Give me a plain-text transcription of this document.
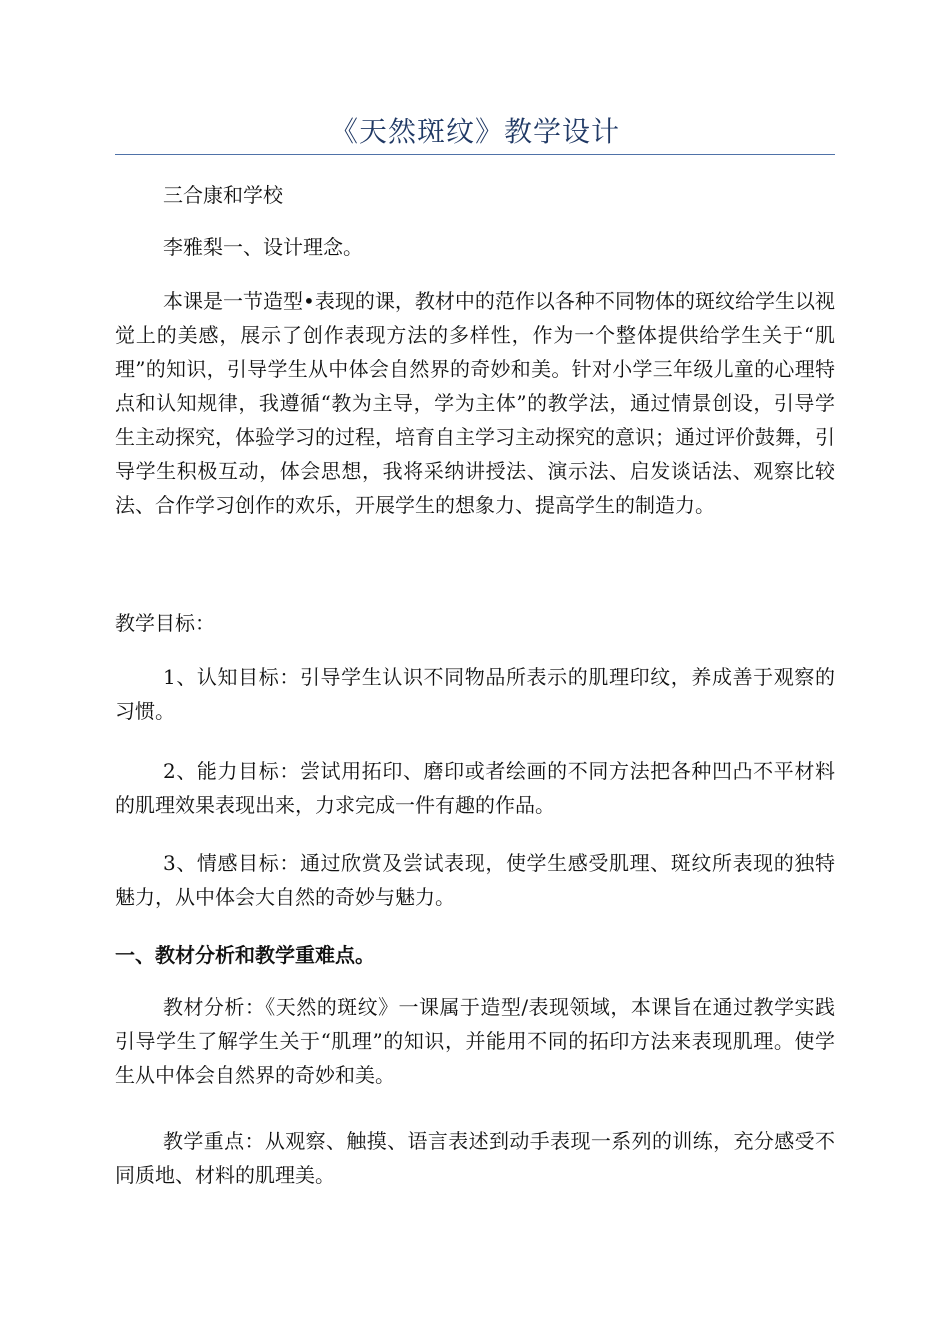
《天然斑纹》教学设计

三合康和学校

李雅梨一、设计理念。

本课是一节造型•表现的课，教材中的范作以各种不同物体的斑纹给学生以视觉上的美感，展示了创作表现方法的多样性，作为一个整体提供给学生关于“肌理”的知识，引导学生从中体会自然界的奇妙和美。针对小学三年级儿童的心理特点和认知规律，我遵循“教为主导，学为主体”的教学法，通过情景创设，引导学生主动探究，体验学习的过程，培育自主学习主动探究的意识；通过评价鼓舞，引导学生积极互动，体会思想，我将采纳讲授法、演示法、启发谈话法、观察比较法、合作学习创作的欢乐，开展学生的想象力、提高学生的制造力。

教学目标：

1、认知目标：引导学生认识不同物品所表示的肌理印纹，养成善于观察的习惯。

2、能力目标：尝试用拓印、磨印或者绘画的不同方法把各种凹凸不平材料的肌理效果表现出来，力求完成一件有趣的作品。

3、情感目标：通过欣赏及尝试表现，使学生感受肌理、斑纹所表现的独特魅力，从中体会大自然的奇妙与魅力。

一、教材分析和教学重难点。

教材分析：《天然的斑纹》一课属于造型/表现领域，本课旨在通过教学实践引导学生了解学生关于“肌理”的知识，并能用不同的拓印方法来表现肌理。使学生从中体会自然界的奇妙和美。

教学重点：从观察、触摸、语言表述到动手表现一系列的训练，充分感受不同质地、材料的肌理美。
